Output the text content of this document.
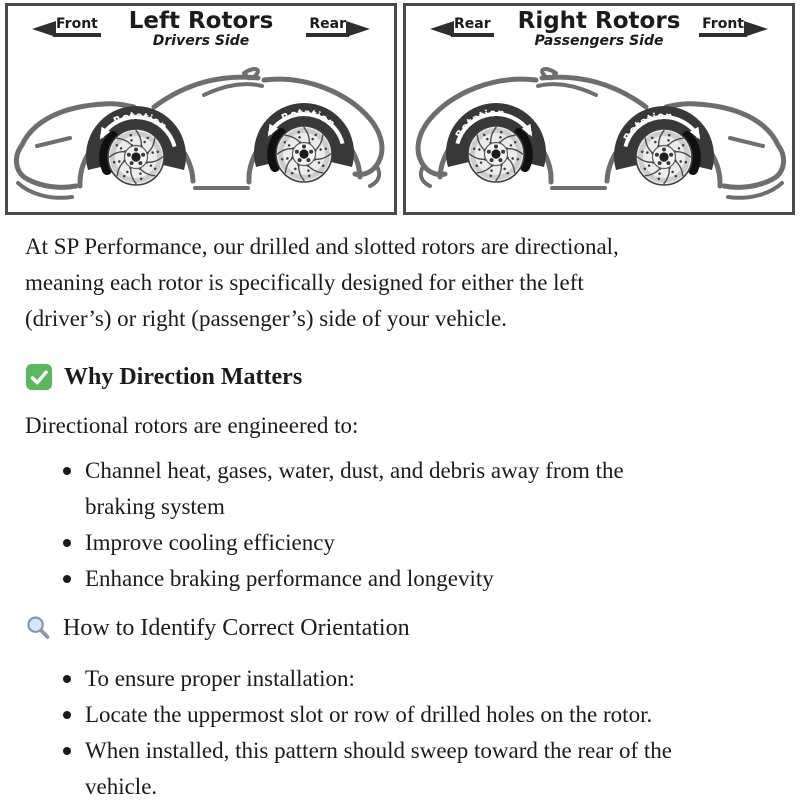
Front	Left Rotors
Drivers Side
Rear
Rotation
Rotation
Rear	Right Rotors
Passengers Side
Front
Rotation
Rotation

At SP Performance, our drilled and slotted rotors are directional,
meaning each rotor is specifically designed for either the left
(driver’s) or right (passenger’s) side of your vehicle.

Why Direction Matters

Directional rotors are engineered to:

Channel heat, gases, water, dust, and debris away from the
braking system
Improve cooling efficiency
Enhance braking performance and longevity
How to Identify Correct Orientation
To ensure proper installation:
Locate the uppermost slot or row of drilled holes on the rotor.
When installed, this pattern should sweep toward the rear of the
vehicle.
